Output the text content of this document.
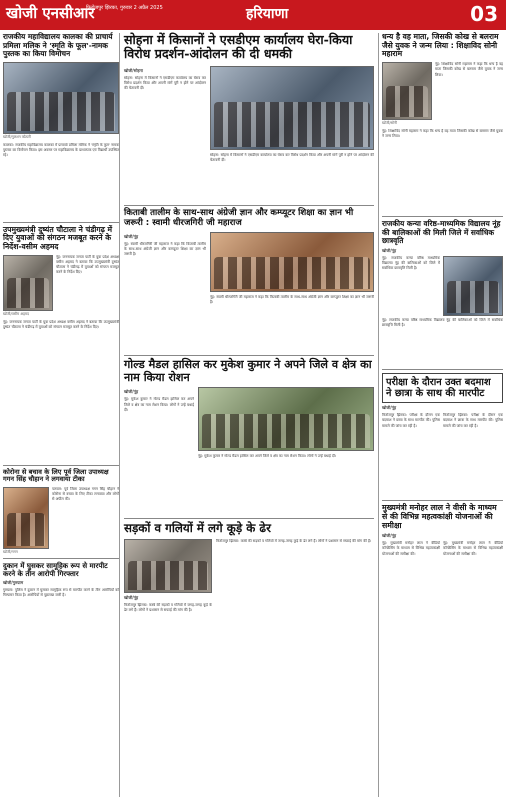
खोजी एनसीआर
फिरोजपुर झिरका, गुरुवार 2 अप्रैल 2025	हरियाणा	03
राजकीय महाविद्यालय कालका की प्राचार्य प्रमिला मलिक ने 'स्मृति के फूल'-नामक पुस्तक का किया विमोचन
खोजी/गुलशन कोठारी
कालका: राजकीय महाविद्यालय कालका में प्राचार्या प्रमिला मलिक ने 'स्मृति के फूल' नामक पुस्तक का विमोचन किया। इस अवसर पर महाविद्यालय के प्राध्यापक एवं विद्यार्थी उपस्थित रहे।
उपमुख्यमंत्री दुष्यंत चौटाला ने चंडीगढ़ में दिए युवाओं को संगठन मजबूत करने के निर्देश-वसीम अहमद
नूंह: जननायक जनता पार्टी के युवा प्रदेश अध्यक्ष वसीम अहमद ने बताया कि उपमुख्यमंत्री दुष्यंत चौटाला ने चंडीगढ़ में युवाओं को संगठन मजबूत करने के निर्देश दिए।
खोजी/वसीम अहमद
नूंह: जननायक जनता पार्टी के युवा प्रदेश अध्यक्ष वसीम अहमद ने बताया कि उपमुख्यमंत्री दुष्यंत चौटाला ने चंडीगढ़ में युवाओं को संगठन मजबूत करने के निर्देश दिए।
कोरोना से बचाव के लिए पूर्व जिला उपाध्यक्ष गगन सिंह चौहान ने लगवाया टीका
पलवल: पूर्व जिला उपाध्यक्ष गगन सिंह चौहान ने कोरोना से बचाव के लिए टीका लगवाया और लोगों से अपील की।
खोजी/गगन
दुकान में घुसकर सामूहिक रूप से मारपीट करने के तीन आरोपी गिरफ्तार
खोजी/गुरुग्राम
गुरुग्राम: पुलिस ने दुकान में घुसकर सामूहिक रूप से मारपीट करने के तीन आरोपियों को गिरफ्तार किया है। आरोपियों से पूछताछ जारी है।
सोहना में किसानों ने एसडीएम कार्यालय घेरा-किया विरोध प्रदर्शन-आंदोलन की दी धमकी
खोजी/सोहना
सोहना: सोहना में किसानों ने एसडीएम कार्यालय का घेराव कर विरोध प्रदर्शन किया और अपनी मांगें पूरी न होने पर आंदोलन की चेतावनी दी।
सोहना: सोहना में किसानों ने एसडीएम कार्यालय का घेराव कर विरोध प्रदर्शन किया और अपनी मांगें पूरी न होने पर आंदोलन की चेतावनी दी।
किताबी तालीम के साथ-साथ अंग्रेजी ज्ञान और कम्प्यूटर शिक्षा का ज्ञान भी जरूरी : स्वामी धीरजगिरी जी महाराज
खोजी/नूंह
नूंह: स्वामी धीरजगिरी जी महाराज ने कहा कि किताबी तालीम के साथ-साथ अंग्रेजी ज्ञान और कम्प्यूटर शिक्षा का ज्ञान भी जरूरी है।
नूंह: स्वामी धीरजगिरी जी महाराज ने कहा कि किताबी तालीम के साथ-साथ अंग्रेजी ज्ञान और कम्प्यूटर शिक्षा का ज्ञान भी जरूरी है।
गोल्ड मैडल हासिल कर मुकेश कुमार ने अपने जिले व क्षेत्र का नाम किया रोशन
खोजी/नूंह
नूंह: मुकेश कुमार ने गोल्ड मैडल हासिल कर अपने जिले व क्षेत्र का नाम रोशन किया। लोगों ने उन्हें बधाई दी।
नूंह: मुकेश कुमार ने गोल्ड मैडल हासिल कर अपने जिले व क्षेत्र का नाम रोशन किया। लोगों ने उन्हें बधाई दी।
सड़कों व गलियों में लगे कूड़े के ढेर
खोजी/नूंह
फिरोजपुर झिरका: कस्बे की सड़कों व गलियों में जगह-जगह कूड़े के ढेर लगे हैं। लोगों ने प्रशासन से सफाई की मांग की है।
फिरोजपुर झिरका: कस्बे की सड़कों व गलियों में जगह-जगह कूड़े के ढेर लगे हैं। लोगों ने प्रशासन से सफाई की मांग की है।
धन्य है वह माता, जिसकी कोख से बलराम जैसे युवक ने जन्म लिया : शिक्षाविद सोनी महाराम
नूंह: शिक्षाविद सोनी महाराम ने कहा कि धन्य है वह माता जिसकी कोख से बलराम जैसे युवक ने जन्म लिया।
खोजी/सोनी
नूंह: शिक्षाविद सोनी महाराम ने कहा कि धन्य है वह माता जिसकी कोख से बलराम जैसे युवक ने जन्म लिया।
राजकीय कन्या वरिष्ठ-माध्यमिक विद्यालय नूंह की बालिकाओं की मिली जिले में सर्वाधिक छात्रवृति
खोजी/नूंह
नूंह: राजकीय कन्या वरिष्ठ माध्यमिक विद्यालय नूंह की बालिकाओं को जिले में सर्वाधिक छात्रवृत्ति मिली है।
नूंह: राजकीय कन्या वरिष्ठ माध्यमिक विद्यालय नूंह की बालिकाओं को जिले में सर्वाधिक छात्रवृत्ति मिली है।
परीक्षा के दौरान उक्त बदमाश ने छात्रा के साथ की मारपीट
खोजी/नूंह
फिरोजपुर झिरका: परीक्षा के दौरान एक बदमाश ने छात्रा के साथ मारपीट की। पुलिस मामले की जांच कर रही है।
फिरोजपुर झिरका: परीक्षा के दौरान एक बदमाश ने छात्रा के साथ मारपीट की। पुलिस मामले की जांच कर रही है।
मुख्यमंत्री मनोहर लाल ने वीसी के माध्यम से की विभिन्न महत्वकांक्षी योजनाओं की समीक्षा
खोजी/नूंह
नूंह: मुख्यमंत्री मनोहर लाल ने वीडियो कॉन्फ्रेंसिंग के माध्यम से विभिन्न महत्वकांक्षी योजनाओं की समीक्षा की।
नूंह: मुख्यमंत्री मनोहर लाल ने वीडियो कॉन्फ्रेंसिंग के माध्यम से विभिन्न महत्वकांक्षी योजनाओं की समीक्षा की।
